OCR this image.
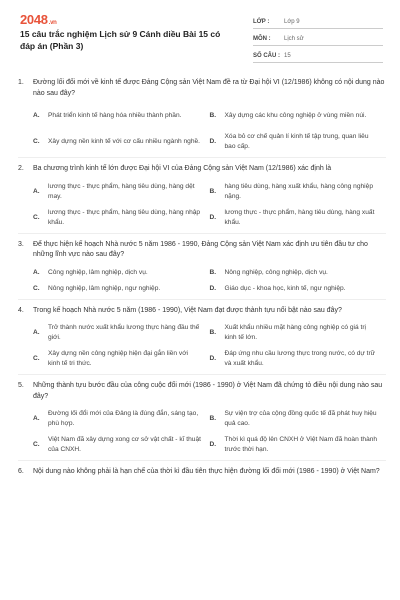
2048.vn
15 câu trắc nghiệm Lịch sử 9 Cánh diều Bài 15 có đáp án (Phần 3)
LỚP :	Lớp 9
MÔN :	Lịch sử
SỐ CÂU : 15
1.	Đường lối đổi mới về kinh tế được Đảng Cộng sản Việt Nam đề ra từ Đại hội VI (12/1986) không có nội dung nào nào sau đây?
A.	Phát triển kinh tế hàng hóa nhiều thành phần.	B.	Xây dựng các khu công nghiệp ở vùng miền núi.
C.	Xây dựng nền kinh tế với cơ cấu nhiều ngành nghề. D.
Xóa bỏ cơ chế quản lí kinh tế tập trung, quan liêu bao cấp.
2.	Ba chương trình kinh tế lớn được Đại hội VI của Đảng Cộng sản Việt Nam (12/1986) xác định là
A.
lương thực - thực phẩm, hàng tiêu dùng, hàng dệt may.
B.
hàng tiêu dùng, hàng xuất khẩu, hàng công nghiệp nặng.
C.
lương thực - thực phẩm, hàng tiêu dùng, hàng nhập khẩu.
D.
lương thực - thực phẩm, hàng tiêu dùng, hàng xuất khẩu.
3.	Để thực hiện kế hoạch Nhà nước 5 năm 1986 - 1990, Đảng Cộng sản Việt Nam xác định ưu tiên đầu tư cho những lĩnh vực nào sau đây?
A.	Công nghiệp, lâm nghiệp, dịch vụ.	B.	Nông nghiệp, công nghiệp, dịch vụ.
C.	Nông nghiệp, lâm nghiệp, ngư nghiệp.	D.	Giáo dục - khoa học, kinh tế, ngư nghiệp.
4.	Trong kế hoạch Nhà nước 5 năm (1986 - 1990), Việt Nam đạt được thành tựu nổi bật nào sau đây?
A.
Trở thành nước xuất khẩu lương thực hàng đầu thế giới.
B.
Xuất khẩu nhiều mặt hàng công nghiệp có giá trị kinh tế lớn.
C.
Xây dựng nền công nghiệp hiện đại gắn liền với kinh tế tri thức.
D.
Đáp ứng nhu cầu lương thực trong nước, có dự trữ và xuất khẩu.
5.	Những thành tựu bước đầu của công cuộc đổi mới (1986 - 1990) ở Việt Nam đã chứng tỏ điều nội dung nào sau đây?
A.
Đường lối đổi mới của Đảng là đúng đắn, sáng tạo, phù hợp.
B.
Sự viện trợ của cộng đồng quốc tế đã phát huy hiệu quả cao.
C.
Việt Nam đã xây dựng xong cơ sở vật chất - kĩ thuật của CNXH.
D.
Thời kì quá độ lên CNXH ở Việt Nam đã hoàn thành trước thời hạn.
6.	Nội dung nào không phải là hạn chế của thời kì đầu tiên thực hiện đường lối đổi mới (1986 - 1990) ở Việt Nam?
